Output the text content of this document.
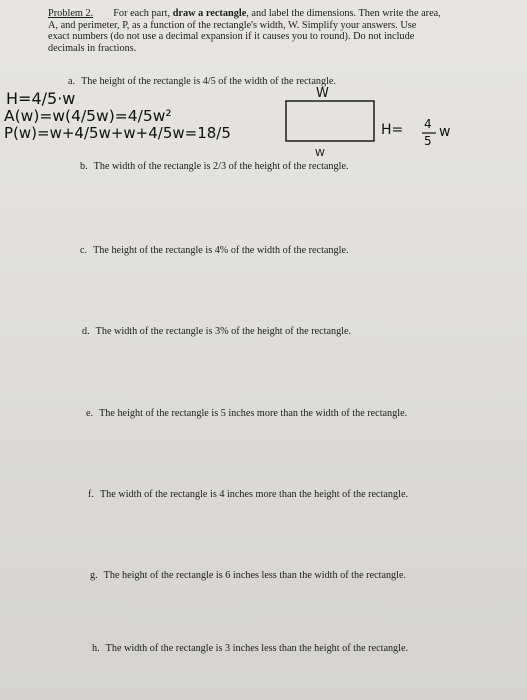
Problem 2. For each part, draw a rectangle, and label the dimensions. Then write the area,
A, and perimeter, P, as a function of the rectangle's width, W. Simplify your answers. Use
exact numbers (do not use a decimal expansion if it causes you to round). Do not include
decimals in fractions.
a. The height of the rectangle is 4/5 of the width of the rectangle.
b. The width of the rectangle is 2/3 of the height of the rectangle.
c. The height of the rectangle is 4% of the width of the rectangle.
d. The width of the rectangle is 3% of the height of the rectangle.
e. The height of the rectangle is 5 inches more than the width of the rectangle.
f. The width of the rectangle is 4 inches more than the height of the rectangle.
g. The height of the rectangle is 6 inches less than the width of the rectangle.
h. The width of the rectangle is 3 inches less than the height of the rectangle.
H=4/5·w
A(w)=w(4/5w)=4/5w²
P(w)=w+4/5w+w+4/5w=18/5
W
W
H= 4
5
w
